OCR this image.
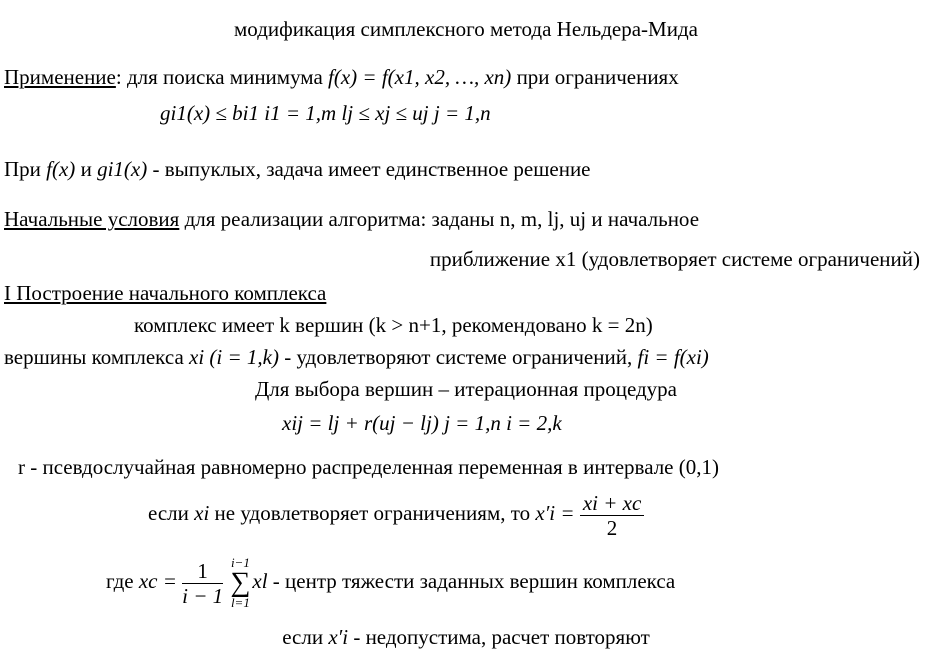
модификация симплексного метода Нельдера-Мида
Применение: для поиска минимума f(x) = f(x1, x2, …, xn) при ограничениях
gi1(x) ≤ bi1 i1 = 1,m lj ≤ xj ≤ uj j = 1,n
При f(x) и gi1(x) - выпуклых, задача имеет единственное решение
Начальные условия для реализации алгоритма: заданы n, m, lj, uj и начальное
приближение x1 (удовлетворяет системе ограничений)
I Построение начального комплекса
комплекс имеет k вершин (k > n+1, рекомендовано k = 2n)
вершины комплекса xi (i = 1,k) - удовлетворяют системе ограничений, fi = f(xi)
Для выбора вершин – итерационная процедура
xij = lj + r(uj − lj) j = 1,n i = 2,k
r - псевдослучайная равномерно распределенная переменная в интервале (0,1)
если xi не удовлетворяет ограничениям, то $x'i = \frac{xi + xc}{2}$
где xc = $\frac{1}{i - 1} i-1$
∑
l=1xl - центр тяжести заданных вершин комплекса
если x′i - недопустима, расчет повторяют
